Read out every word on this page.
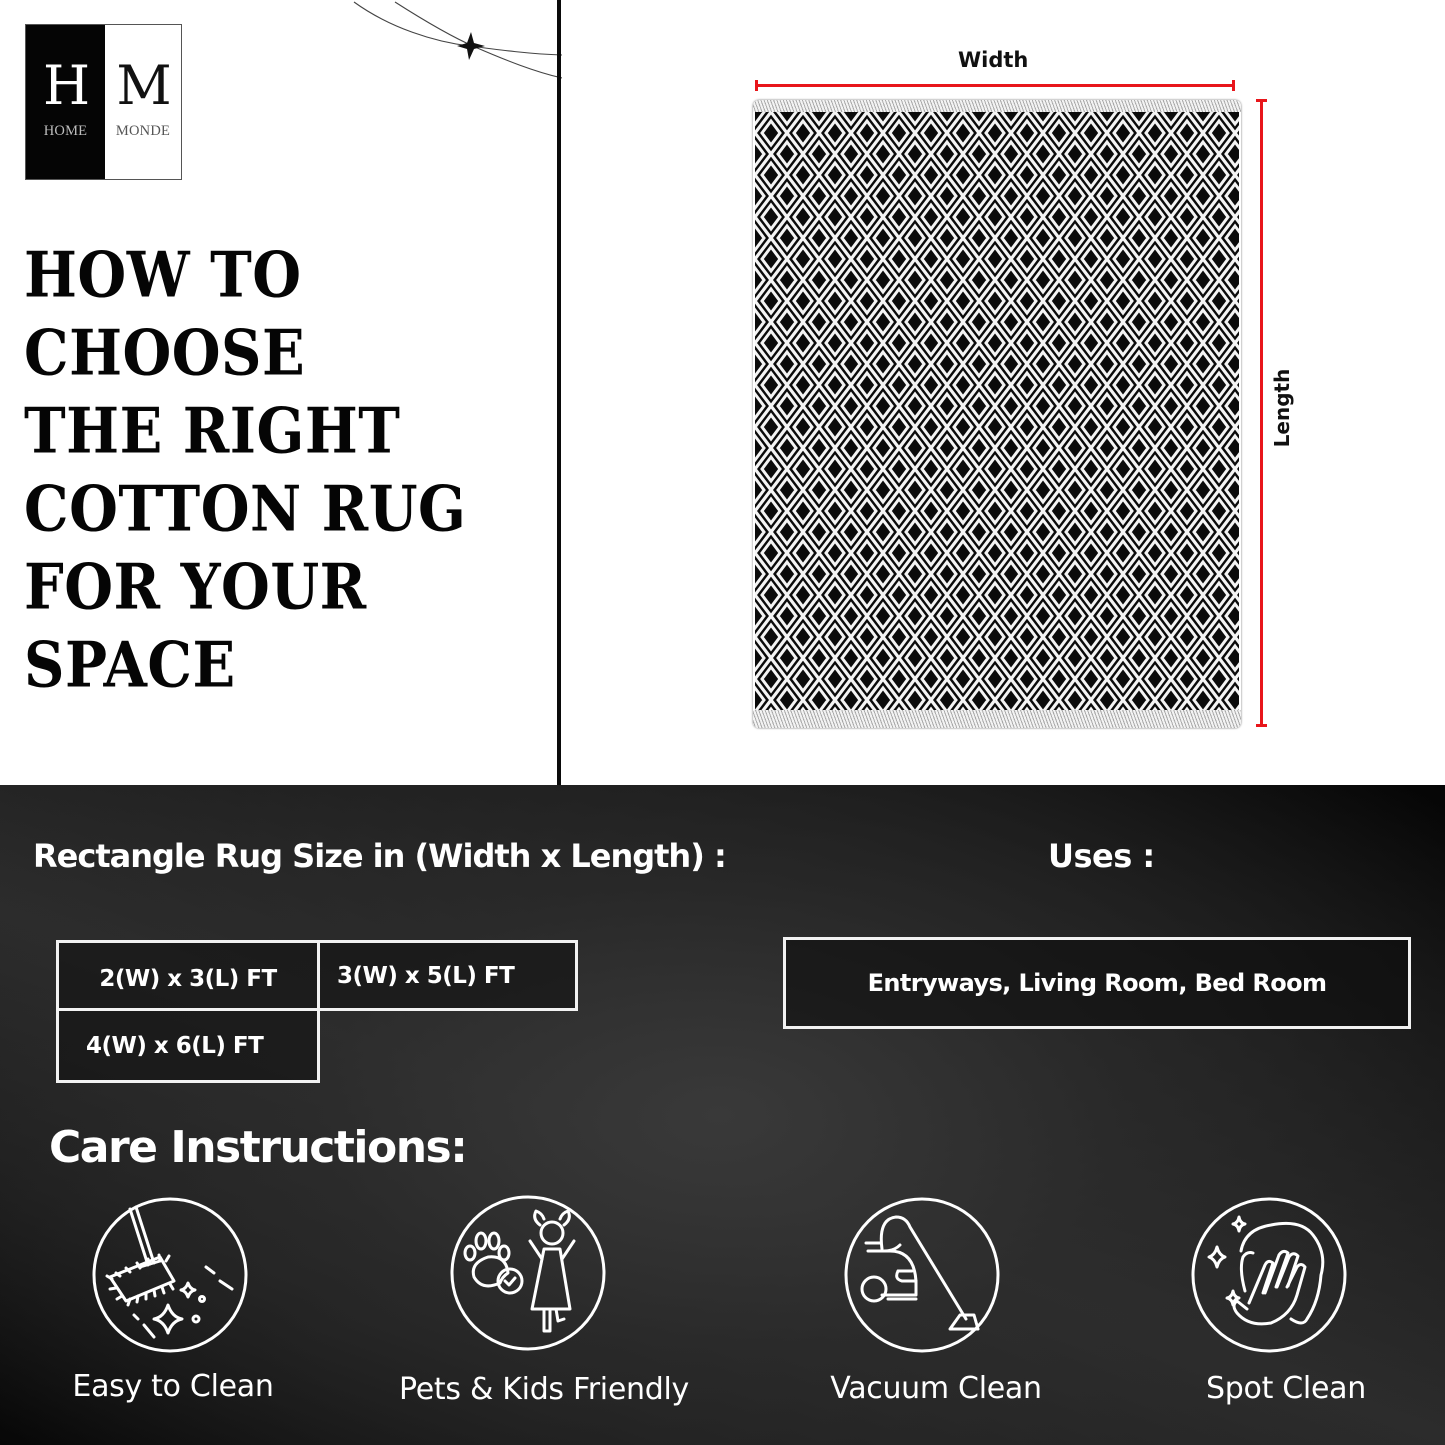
H
HOME
M
MONDE
HOW TO
CHOOSE
THE RIGHT
COTTON RUG
FOR YOUR
SPACE
Width
Length
Rectangle Rug Size in (Width x Length) :	Uses :
2(W) x 3(L) FT	3(W) x 5(L) FT
4(W) x 6(L) FT
Entryways, Living Room, Bed Room
Care Instructions:
Easy to Clean	Pets & Kids Friendly	Vacuum Clean	Spot Clean
